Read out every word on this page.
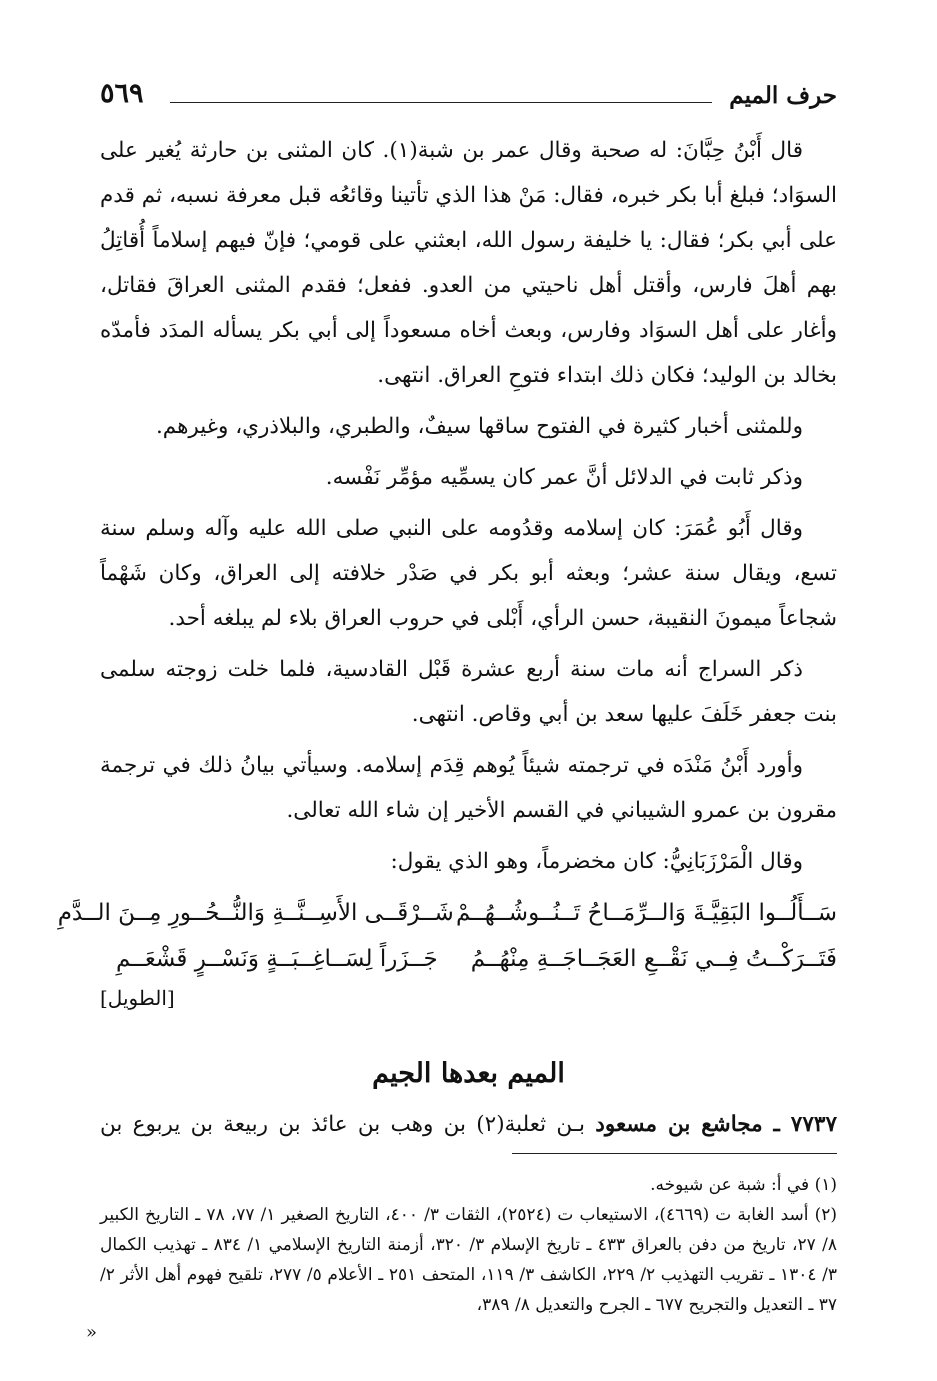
حرف الميم
٥٦٩

قال أَبْنُ حِبَّانَ: له صحبة وقال عمر بن شبة(١). كان المثنى بن حارثة يُغير على السوَاد؛ فبلغ أبا بكر خبره، فقال: مَنْ هذا الذي تأتينا وقائعُه قبل معرفة نسبه، ثم قدم على أبي بكر؛ فقال: يا خليفة رسول الله، ابعثني على قومي؛ فإنّ فيهم إسلاماً أُقاتِلُ بهم أهلَ فارس، وأقتل أهل ناحيتي من العدو. ففعل؛ فقدم المثنى العراقَ فقاتل، وأغار على أهل السوَاد وفارس، وبعث أخاه مسعوداً إلى أبي بكر يسأله المدَد فأمدّه بخالد بن الوليد؛ فكان ذلك ابتداء فتوحِ العراق. انتهى.

وللمثنى أخبار كثيرة في الفتوح ساقها سيفٌ، والطبري، والبلاذري، وغيرهم.

وذكر ثابت في الدلائل أنَّ عمر كان يسمِّيه مؤمِّر نَفْسه.

وقال أَبُو عُمَرَ: كان إسلامه وقدُومه على النبي صلى الله عليه وآله وسلم سنة تسع، ويقال سنة عشر؛ وبعثه أبو بكر في صَدْر خلافته إلى العراق، وكان شَهْماً شجاعاً ميمونَ النقيبة، حسن الرأي، أَبْلى في حروب العراق بلاء لم يبلغه أحد.

ذكر السراج أنه مات سنة أربع عشرة قَبْل القادسية، فلما خلت زوجته سلمى بنت جعفر خَلَفَ عليها سعد بن أبي وقاص. انتهى.

وأورد أَبْنُ مَنْدَه في ترجمته شيئاً يُوهم قِدَم إسلامه. وسيأتي بيانُ ذلك في ترجمة مقرون بن عمرو الشيباني في القسم الأخير إن شاء الله تعالى.

وقال الْمَرْزَبَانِيُّ: كان مخضرماً، وهو الذي يقول:

سَــأَلُــوا البَقِيَّـةَ وَالــرِّمَــاحُ تَــنُــوشُــهُــمْ
شَــرْقَــى الأَسِــنَّــةِ وَالنُّــحُــورِ مِــنَ الــدَّمِ
فَتَــرَكْــتُ فِــي نَقْــعِ العَجَــاجَــةِ مِنْهُــمُ
جَــزَراً لِسَــاغِــبَــةٍ وَنَسْــرٍ قَشْعَــمِ
[الطويل]
الميم بعدها الجيم
٧٧٣٧ ـ مجاشع بن مسعود بـن ثعلبة(٢) بن وهب بن عائذ بن ربيعة بن يربوع بن

(١) في أ: شبة عن شيوخه.

(٢) أسد الغابة ت (٤٦٦٩)، الاستيعاب ت (٢٥٢٤)، الثقات ٣/ ٤٠٠، التاريخ الصغير ١/ ٧٧، ٧٨ ـ التاريخ الكبير ٨/ ٢٧، تاريخ من دفن بالعراق ٤٣٣ ـ تاريخ الإسلام ٣/ ٣٢٠، أزمنة التاريخ الإسلامي ١/ ٨٣٤ ـ تهذيب الكمال ٣/ ١٣٠٤ ـ تقريب التهذيب ٢/ ٢٢٩، الكاشف ٣/ ١١٩، المتحف ٢٥١ ـ الأعلام ٥/ ٢٧٧، تلقيح فهوم أهل الأثر ٢/ ٣٧ ـ التعديل والتجريح ٦٧٧ ـ الجرح والتعديل ٨/ ٣٨٩،

«
